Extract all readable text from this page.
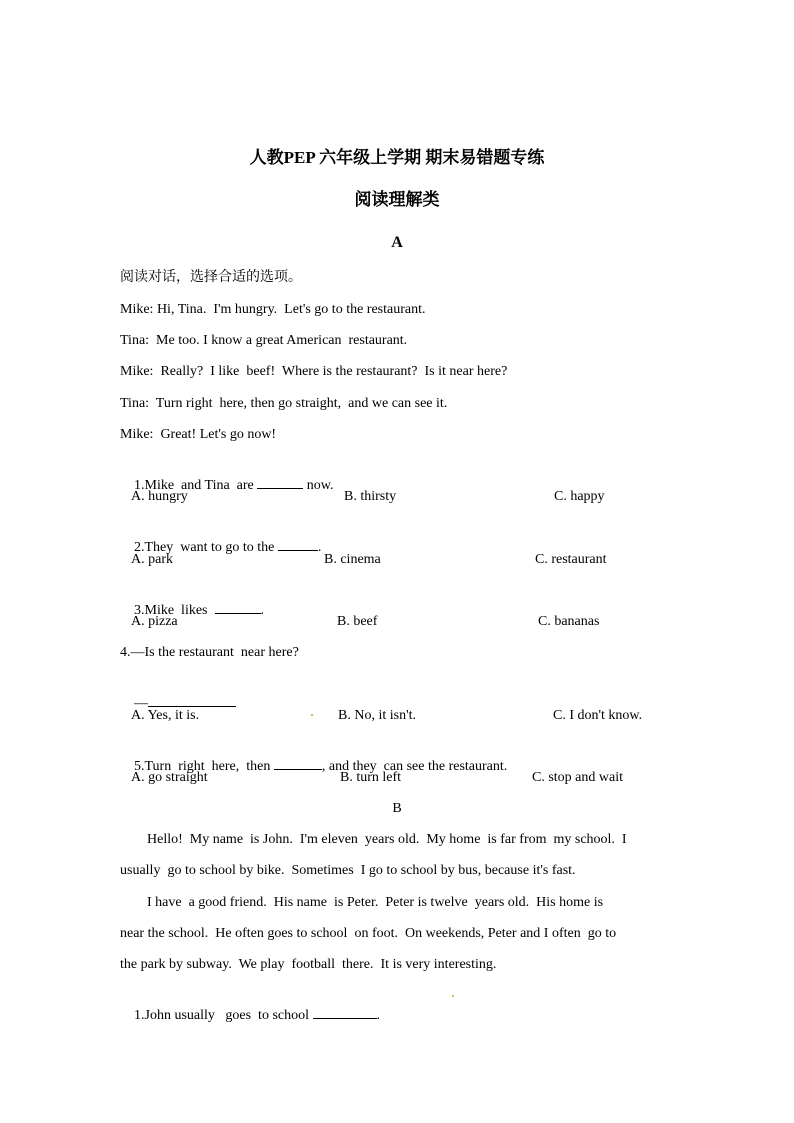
人教PEP 六年级上学期 期末易错题专练
阅读理解类
A
阅读对话，选择合适的选项。
Mike: Hi, Tina.  I'm hungry.  Let's go to the restaurant.
Tina:  Me too. I know a great American  restaurant.
Mike:  Really?  I like  beef!  Where is the restaurant?  Is it near here?
Tina:  Turn right  here, then go straight,  and we can see it.
Mike:  Great! Let's go now!

1.Mike  and Tina  are	now.

A. hungry	B. thirsty	C. happy

2.They  want to go to the	.

A. park	B. cinema	C. restaurant

3.Mike  likes	.

A. pizza	B. beef	C. bananas
4.—Is the restaurant  near here?

—

A. Yes, it is.	B. No, it isn't.	C. I don't know.

5.Turn  right  here,  then	, and they  can see the restaurant.

A. go straight	B. turn left	C. stop and wait
B
Hello!  My name  is John.  I'm eleven  years old.  My home  is far from  my school.  I
usually  go to school by bike.  Sometimes  I go to school by bus, because it's fast.
I have  a good friend.  His name  is Peter.  Peter is twelve  years old.  His home is
near the school.  He often goes to school  on foot.  On weekends, Peter and I often  go to
the park by subway.  We play  football  there.  It is very interesting.

1.John usually   goes  to school	.
